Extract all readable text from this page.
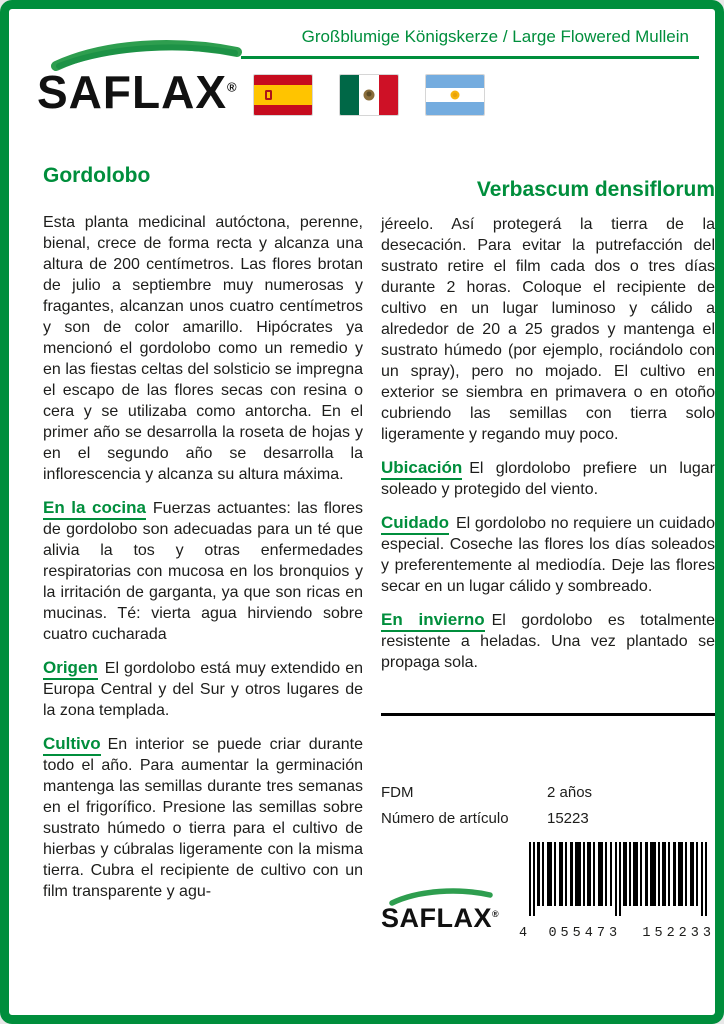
Großblumige Königskerze / Large Flowered Mullein
SAFLAX®
Gordolobo

Esta planta medicinal autóctona, perenne, bienal, crece de forma recta y alcanza una altura de 200 centímetros. Las flores brotan de julio a septiembre muy numerosas y fragantes, alcanzan unos cuatro centímetros y son de color amarillo. Hipócrates ya mencionó el gordolobo como un remedio y en las fiestas celtas del solsticio se impregna el escapo de las flores secas con resina o cera y se utilizaba como antorcha. En el primer año se desarrolla la roseta de hojas y en el segundo año se desarrolla la inflorescencia y alcanza su altura máxima.

En la cocina Fuerzas actuantes: las flores de gordolobo son adecuadas para un té que alivia la tos y otras enfermedades respiratorias con mucosa en los bronquios y la irritación de garganta, ya que son ricas en mucinas. Té: vierta agua hirviendo sobre cuatro cucharada

Origen El gordolobo está muy extendido en Europa Central y del Sur y otros lugares de la zona templada.

Cultivo En interior se puede criar durante todo el año. Para aumentar la germinación mantenga las semillas durante tres semanas en el frigorífico. Presione las semillas sobre sustrato húmedo o tierra para el cultivo de hierbas y cúbralas ligeramente con la misma tierra. Cubra el recipiente de cultivo con un film transparente y agu-

Verbascum densiflorum

jéreelo. Así protegerá la tierra de la desecación. Para evitar la putrefacción del sustrato retire el film cada dos o tres días durante 2 horas. Coloque el recipiente de cultivo en un lugar luminoso y cálido a alrededor de 20 a 25 grados y mantenga el sustrato húmedo (por ejemplo, rociándolo con un spray), pero no mojado. El cultivo en exterior se siembra en primavera o en otoño cubriendo las semillas con tierra solo ligeramente y regando muy poco.

Ubicación El glordolobo prefiere un lugar soleado y protegido del viento.

Cuidado El gordolobo no requiere un cuidado especial. Coseche las flores los días soleados y preferentemente al mediodía. Deje las flores secar en un lugar cálido y sombreado.

En invierno El gordolobo es totalmente resistente a heladas. Una vez plantado se propaga sola.

FDM	2 años
Número de artículo	15223
SAFLAX®
4 055473 152233
